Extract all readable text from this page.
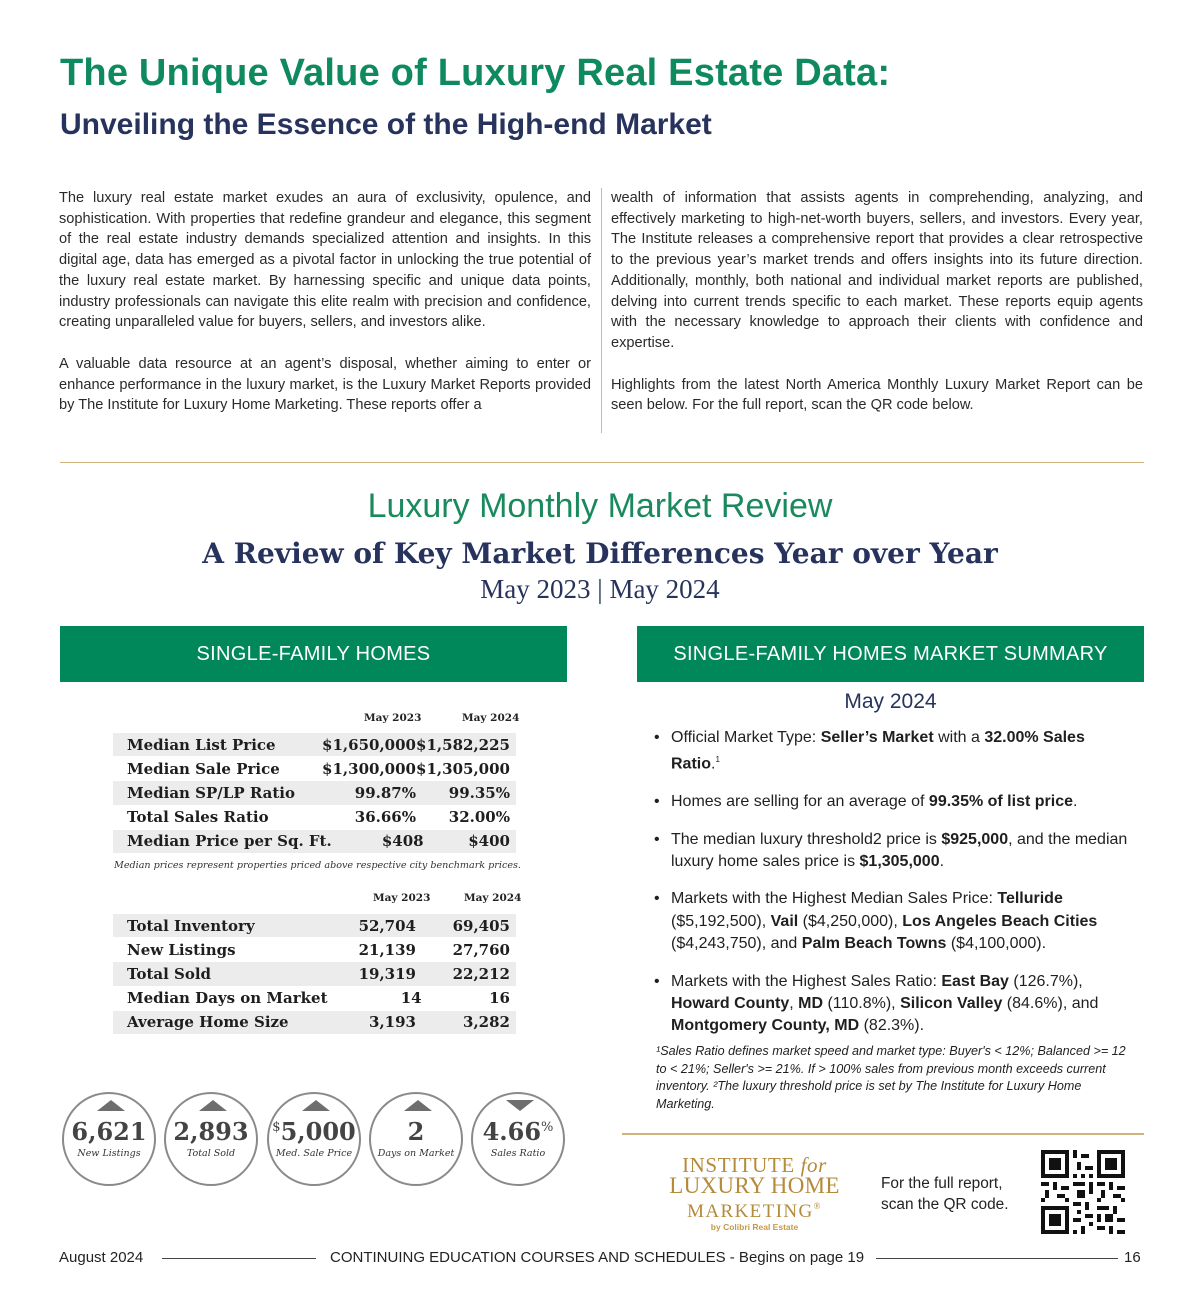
The Unique Value of Luxury Real Estate Data:
Unveiling the Essence of the High-end Market

The luxury real estate market exudes an aura of exclusivity, opulence, and sophistication. With properties that redefine grandeur and elegance, this segment of the real estate industry demands specialized attention and insights. In this digital age, data has emerged as a pivotal factor in unlocking the true potential of the luxury real estate market. By harnessing specific and unique data points, industry professionals can navigate this elite realm with precision and confidence, creating unparalleled value for buyers, sellers, and investors alike.

A valuable data resource at an agent’s disposal, whether aiming to enter or enhance performance in the luxury market, is the Luxury Market Reports provided by The Institute for Luxury Home Marketing. These reports offer a

wealth of information that assists agents in comprehending, analyzing, and effectively marketing to high-net-worth buyers, sellers, and investors. Every year, The Institute releases a comprehensive report that provides a clear retrospective to the previous year’s market trends and offers insights into its future direction. Additionally, monthly, both national and individual market reports are published, delving into current trends specific to each market. These reports equip agents with the necessary knowledge to approach their clients with confidence and expertise.

Highlights from the latest North America Monthly Luxury Market Report can be seen below. For the full report, scan the QR code below.

Luxury Monthly Market Review
A Review of Key Market Differences Year over Year
May 2023 | May 2024
SINGLE-FAMILY HOMES	SINGLE-FAMILY HOMES MARKET SUMMARY
May 2023	May 2024
Median List Price	$1,650,000 $1,582,225
Median Sale Price	$1,300,000 $1,305,000
Median SP/LP Ratio	99.87%	99.35%
Total Sales Ratio	36.66%	32.00%
Median Price per Sq. Ft.	$408	$400
Median prices represent properties priced above respective city benchmark prices.
May 2023	May 2024
Total Inventory	52,704	69,405
New Listings	21,139	27,760
Total Sold	19,319	22,212
Median Days on Market	14	16
Average Home Size	3,193	3,282
6,621
New Listings
2,893
Total Sold
$5,000
Med. Sale Price
2
Days on Market
4.66%
Sales Ratio
May 2024
• Official Market Type: Seller’s Market with a 32.00% Sales Ratio.$^1$
• Homes are selling for an average of 99.35% of list price.
• The median luxury threshold2 price is $925,000, and the median luxury home sales price is $1,305,000.
• Markets with the Highest Median Sales Price: Telluride ($5,192,500), Vail ($4,250,000), Los Angeles Beach Cities ($4,243,750), and Palm Beach Towns ($4,100,000).
• Markets with the Highest Sales Ratio: East Bay (126.7%), Howard County, MD (110.8%), Silicon Valley (84.6%), and Montgomery County, MD (82.3%).
¹Sales Ratio defines market speed and market type: Buyer's < 12%; Balanced >= 12 to < 21%; Seller's >= 21%. If > 100% sales from previous month exceeds current inventory. ²The luxury threshold price is set by The Institute for Luxury Home Marketing.
INSTITUTE for
LUXURY HOME
MARKETING®
by Colibri Real Estate
For the full report,
scan the QR code.
August 2024	CONTINUING EDUCATION COURSES AND SCHEDULES - Begins on page 19	16
